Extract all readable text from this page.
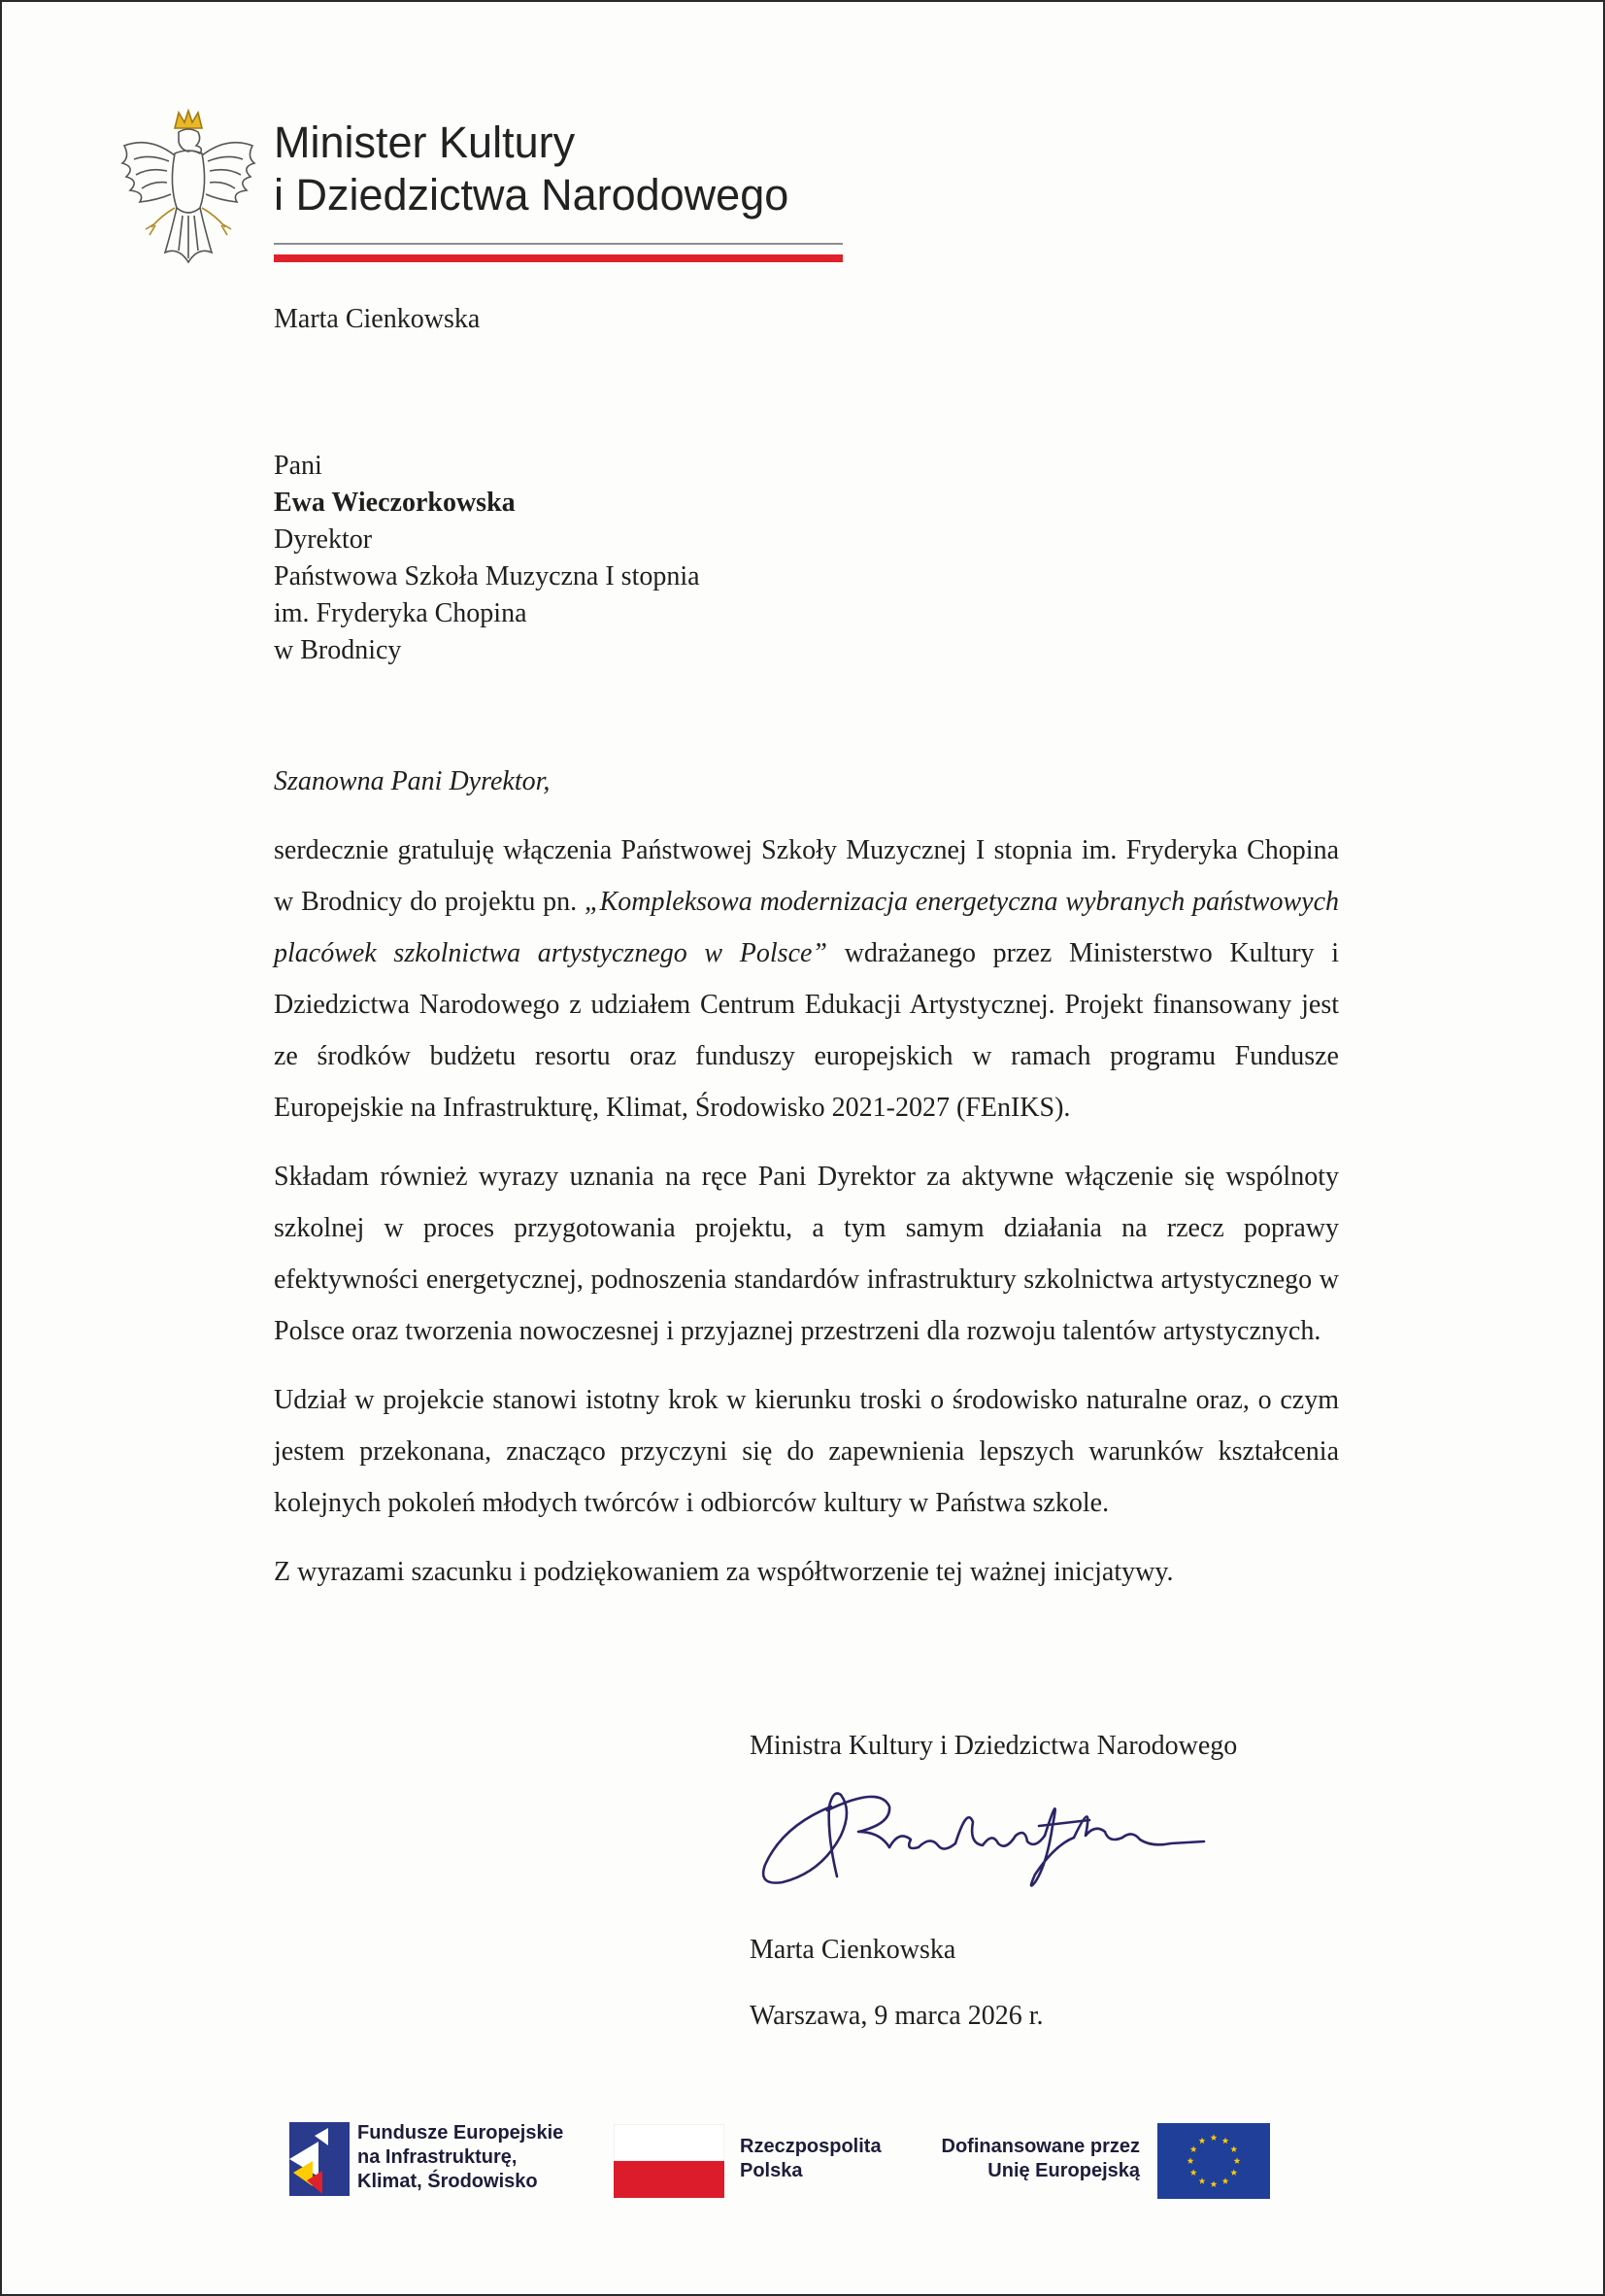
Minister Kultury
i Dziedzictwa Narodowego
Marta Cienkowska
Pani
Ewa Wieczorkowska
Dyrektor
Państwowa Szkoła Muzyczna I stopnia
im. Fryderyka Chopina
w Brodnicy
Szanowna Pani Dyrektor,

serdecznie gratuluję włączenia Państwowej Szkoły Muzycznej I stopnia im. Fryderyka Chopina w Brodnicy do projektu pn. „Kompleksowa modernizacja energetyczna wybranych państwowych placówek szkolnictwa artystycznego w Polsce” wdrażanego przez Ministerstwo Kultury i Dziedzictwa Narodowego z udziałem Centrum Edukacji Artystycznej. Projekt finansowany jest ze środków budżetu resortu oraz funduszy europejskich w ramach programu Fundusze Europejskie na Infrastrukturę, Klimat, Środowisko 2021-2027 (FEnIKS).

Składam również wyrazy uznania na ręce Pani Dyrektor za aktywne włączenie się wspólnoty szkolnej w proces przygotowania projektu, a tym samym działania na rzecz poprawy efektywności energetycznej, podnoszenia standardów infrastruktury szkolnictwa artystycznego w Polsce oraz tworzenia nowoczesnej i przyjaznej przestrzeni dla rozwoju talentów artystycznych.

Udział w projekcie stanowi istotny krok w kierunku troski o środowisko naturalne oraz, o czym jestem przekonana, znacząco przyczyni się do zapewnienia lepszych warunków kształcenia kolejnych pokoleń młodych twórców i odbiorców kultury w Państwa szkole.

Z wyrazami szacunku i podziękowaniem za współtworzenie tej ważnej inicjatywy.

Ministra Kultury i Dziedzictwa Narodowego
Marta Cienkowska
Warszawa, 9 marca 2026 r.
Fundusze Europejskie
na Infrastrukturę,
Klimat, Środowisko
Rzeczpospolita
Polska
Dofinansowane przez
Unię Europejską
